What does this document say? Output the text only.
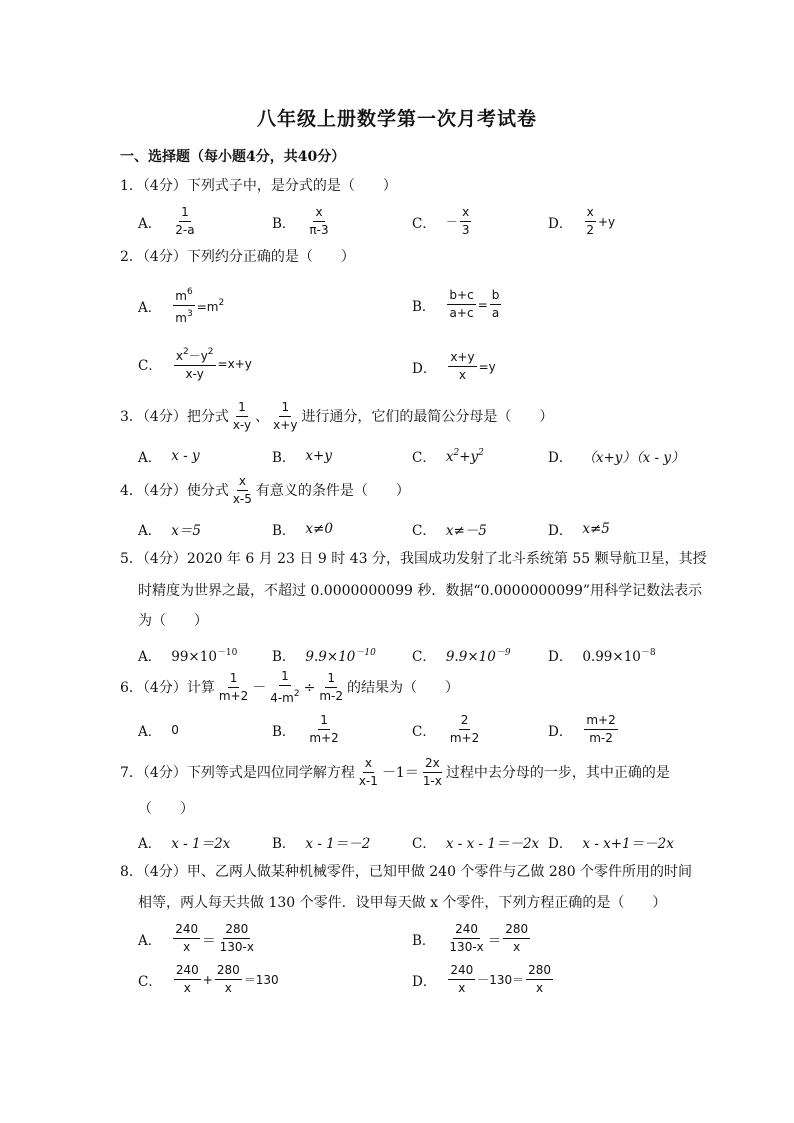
八年级上册数学第一次月考试卷
一、选择题（每小题4分，共40分）
1．（4分）下列式子中，是分式的是（　　）
A． $\frac{1}{2-a}$	B． $\frac{x}{\pi-3}$	C． － $\frac{x}{3}$	D． $\frac{x}{2} +y$
2．（4分）下列约分正确的是（　　）
A． $\frac{m^6}{m^3} =m^2$	B． $\frac{b+c}{a+c} = \frac{b}{a}$
C． $\frac{x^2-y^2}{x-y} =x+y$	D． $\frac{x+y}{x} =y$
3．（4分）把分式 $\frac{1}{x-y}$ 、 $\frac{1}{x+y}$ 进行通分，它们的最简公分母是（　　）
A． x - y	B． x+y	C． $x^2+y^2$	D． （x+y）（x - y）
4．（4分）使分式 $\frac{x}{x-5}$ 有意义的条件是（　　）
A． x＝5	B． x≠0	C． x≠－5	D． x≠5
5．（4分）2020 年 6 月 23 日 9 时 43 分，我国成功发射了北斗系统第 55 颗导航卫星，其授
时精度为世界之最，不超过 0.0000000099 秒．数据“0.0000000099”用科学记数法表示
为（　　）
A． $99\times 10^{-10}$	B． $9.9\times 10^{-10}$	C． $9.9\times 10^{-9}$	D． $0.99\times 10^{-8}$
6．（4分）计算 $\frac{1}{m+2} - \frac{1}{4-m^2} \div \frac{1}{m-2}$ 的结果为（　　）
A． 0	B． $\frac{1}{m+2}$	C． $\frac{2}{m+2}$	D． $\frac{m+2}{m-2}$
7．（4分）下列等式是四位同学解方程 $\frac{x}{x-1} -1= \frac{2x}{1-x}$ 过程中去分母的一步，其中正确的是
（　　）
A． x - 1＝2x	B． x - 1＝－2	C． x - x - 1＝－2x D． x - x+1＝－2x
8．（4分）甲、乙两人做某种机械零件，已知甲做 240 个零件与乙做 280 个零件所用的时间
相等，两人每天共做 130 个零件．设甲每天做 x 个零件，下列方程正确的是（　　）
A． $\frac{240}{x} = \frac{280}{130-x}$	B． $\frac{240}{130-x} = \frac{280}{x}$
C． $\frac{240}{x} + \frac{280}{x} =130$	D． $\frac{240}{x} -130= \frac{280}{x}$
